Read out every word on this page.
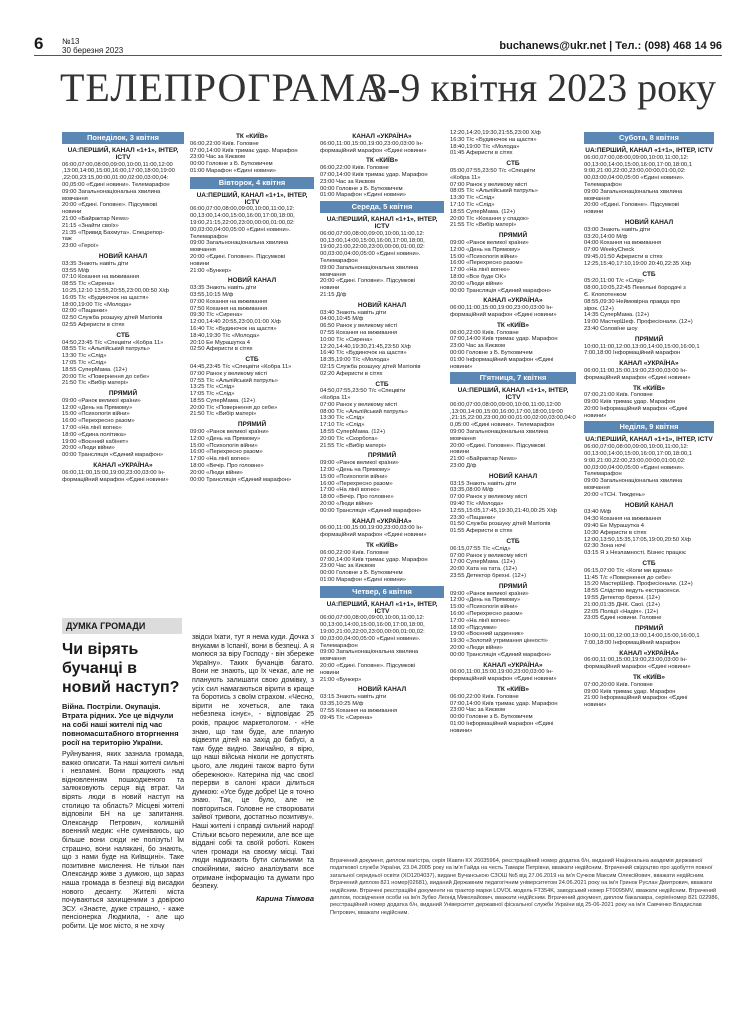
6 №13
30 березня 2023	buchanews@ukr.net | Тел.: (098) 468 14 96
ТЕЛЕПРОГРАМА
3-9 квітня 2023 року
Понеділок, 3 квітня
UA:ПЕРШИЙ, КАНАЛ «1+1», ІНТЕР, ICTV
06:00,07:00,08:00,09:00,10:00,11:00,12:00
,13:00,14:00,15:00,16:00,17:00,18:00,19:00
,22:00,23:15,00:00,01:00,02:00,03:00,04:
00,05:00 «Єдині новини». Телемарафон
09:00 Загальнонаціональна хвилина
мовчання
20:00 «Єдині. Головне». Підсумкові
новини
21:00 «Байрактар News»
21:15 «Знайти своїх»
21:35 «Привид Бахмута». Спецрепор-
таж
23:00 «Герої»
НОВИЙ КАНАЛ
03:35 Знають навіть діти
03:55 М/ф
07:10 Кохання на виживання
08:55 Т/с «Сирена»
10:25,12:10 13:55,20:55,23:00,00:50 Х/ф
16:05 Т/с «Будиночок на щастя»
18:00,19:00 Т/с «Молода»
02:00 «Пацанки»
02:50 Служба розшуку дітей Матіолів
02:55 Аферисти в сітях
СТБ
04:50,23:45 Т/с «Спецвіти «Кобра 11»
08:55 Т/с «Альпійський патруль»
13:30 Т/с «Слід»
17:05 Т/с «Слід»
18:55 СуперМама. (12+)
20:00 Т/с «Повернення до себе»
21:50 Т/с «Вибір матері»
ПРЯМИЙ
09:00 «Ранок великої країни»
12:00 «День на Прямому»
15:00 «Психологія війни»
16:00 «Перехресно разом»
17:00 «На лінії вогню»
18:00 «Єдина політика»
19:00 «Воєнний кабінет»
20:00 «Люди війни»
00:00 Трансляція «Єдиний марафон»
КАНАЛ «УКРАЇНА»
06:00,11:00,15:00,19:00,23:00,03:00 Ін-
формаційний марафон «Єдині новини»
ТК «КИЇВ»
06:00,22:00 Київ. Головне
07:00,14:00 Київ тримає удар. Марафон
23:00 Час за Києвом
00:00 Головне з Б. Бутковичем
01:00 Марафон «Єдині новини»
Вівторок, 4 квітня
UA:ПЕРШИЙ, КАНАЛ «1+1», ІНТЕР, ICTV
06:00,07:00,08:00,09:00,10:00,11:00,12:
00,13:00,14:00,15:00,16:00,17:00,18:00,
19:00,21:15,22:00,23:00,00:00,01:00,02:
00,03:00,04:00,05:00 «Єдині новини».
Телемарафон
09:00 Загальнонаціональна хвилина
мовчання
20:00 «Єдині. Головне». Підсумкові
новини
21:00 «Бункер»
НОВИЙ КАНАЛ
03:35 Знають навіть діти
03:55,10:15 М/ф
07:00 Кохання на виживання
07:50 Кохання на виживання
09:30 Т/с «Сирена»
12:00,14:40 20:55,23:00,01:00 Х/ф
16:40 Т/с «Будиночок на щастя»
18:40,19:30 Т/с «Молода»
20:10 Ее Мурашутка 4
02:50 Аферисти в сітях
СТБ
04:45,23:45 Т/с «Спецвіти «Кобра 11»
07:00 Ранок у великому місті
07:55 Т/с «Альпійський патруль»
13:25 Т/с «Слід»
17:05 Т/с «Слід»
18:55 СуперМама. (12+)
20:00 Т/с «Повернення до себе»
21:50 Т/с «Вибір матері»
ПРЯМИЙ
09:00 «Ранок великої країни»
12:00 «День на Прямому»
15:00 «Психологія війни»
16:00 «Перехресно разом»
17:00 «На лінії вогню»
18:00 «Вечір. Про головне»
20:00 «Люди війни»
00:00 Трансляція «Єдиний марафон»
КАНАЛ «УКРАЇНА»
06:00,11:00,15:00,19:00,23:00,03:00 Ін-
формаційний марафон «Єдині новини»
ТК «КИЇВ»
06:00,22:00 Київ. Головне
07:00,14:00 Київ тримає удар. Марафон
23:00 Час за Києвом
00:00 Головне з Б. Бутковичем
01:00 Марафон «Єдині новини»
Середа, 5 квітня
UA:ПЕРШИЙ, КАНАЛ «1+1», ІНТЕР, ICTV
06:00,07:00,08:00,09:00,10:00,11:00,12:
00,13:00,14:00,15:00,16:00,17:00,18:00,
19:00,21:00,22:00,23:00,00:00,01:00,02:
00,03:00,04:00,05:00 «Єдині новини».
Телемарафон
09:00 Загальнонаціональна хвилина
мовчання
20:00 «Єдині. Головне». Підсумкові
новини
21:15 Д/ф
НОВИЙ КАНАЛ
03:40 Знають навіть діти
04:00,10:45 М/ф
06:50 Ранок у великому місті
07:55 Кохання на виживання
10:00 Т/с «Сирена»
12:20,14:40,19:30,21:45,23:50 Х/ф
16:40 Т/с «Будиночок на щастя»
18:35,19:00 Т/с «Молода»
02:15 Служба розшуку дітей Матіолів
02:20 Аферисти в сітях
СТБ
04:50,07:55,23:50 Т/с «Спецвіти
«Кобра 11»
07:00 Ранок у великому місті
08:00 Т/с «Альпійський патруль»
13:30 Т/с «Слід»
17:10 Т/с «Слід»
18:55 СуперМама. (12+)
20:00 Т/с «Скорбота»
21:55 Т/с «Вибір матері»
ПРЯМИЙ
09:00 «Ранок великої країни»
12:00 «День на Прямому»
15:00 «Психологія війни»
16:00 «Перехресно разом»
17:00 «На лінії вогню»
18:00 «Вечір. Про головне»
20:00 «Люди війни»
00:00 Трансляція «Єдиний марафон»
КАНАЛ «УКРАЇНА»
06:00,11:00,15:00,19:00,23:00,03:00 Ін-
формаційний марафон «Єдині новини»
ТК «КИЇВ»
06:00,22:00 Київ. Головне
07:00,14:00 Київ тримає удар. Марафон
23:00 Час за Києвом
00:00 Головне з Б. Бутковичем
01:00 Марафон «Єдині новини»
Четвер, 6 квітня
UA:ПЕРШИЙ, КАНАЛ «1+1», ІНТЕР, ICTV
06:00,07:00,08:00,09:00,10:00,11:00,12:
00,13:00,14:00,15:00,16:00,17:00,18:00,
19:00,21:00,22:00,23:00,00:00,01:00,02:
00,03:00,04:00,05:00 «Єдині новини».
Телемарафон
09:00 Загальнонаціональна хвилина
мовчання
20:00 «Єдині. Головне». Підсумкові
новини
21:00 «Бункер»
НОВИЙ КАНАЛ
03:15 Знають навіть діти
03:35,10:25 М/ф
07:55 Кохання на виживання
09:45 Т/с «Сирена»
12:20,14:20,19:30,21:55,23:00 Х/ф
16:30 Т/с «Будиночок на щастя»
18:40,19:00 Т/с «Молода»
01:45 Аферисти в сітях
СТБ
05:00,07:55,23:50 Т/с «Спецвіти
«Кобра 11»
07:00 Ранок у великому місті
08:05 Т/с «Альпійський патруль»
13:30 Т/с «Слід»
17:10 Т/с «Слід»
18:55 СуперМама. (12+)
20:00 Т/с «Кохання у спадок»
21:55 Т/с «Вибір матері»
ПРЯМИЙ
09:00 «Ранок великої країни»
12:00 «День на Прямому»
15:00 «Психологія війни»
16:00 «Перехресно разом»
17:00 «На лінії вогню»
18:00 «Все буде ОК»
20:00 «Люди війни»
00:00 Трансляція «Єдиний марафон»
КАНАЛ «УКРАЇНА»
06:00,11:00,15:00,19:00,23:00,03:00 Ін-
формаційний марафон «Єдині новини»
ТК «КИЇВ»
06:00,22:00 Київ. Головне
07:00,14:00 Київ тримає удар. Марафон
23:00 Час за Києвом
00:00 Головне з Б. Бутковичем
01:00 Інформаційний марафон «Єдині
новини»
П'ятниця, 7 квітня
UA:ПЕРШИЙ, КАНАЛ «1+1», ІНТЕР, ICTV
06:00,07:00,08:00,09:00,10:00,11:00,12:00
,13:00,14:00,15:00,16:00,17:00,18:00,19:00
,21:15,22:00,23:00,00:00,01:00,02:00,03:00,04:0
0,05:00 «Єдині новини». Телемарафон
09:00 Загальнонаціональна хвилина
мовчання
20:00 «Єдині. Головне». Підсумкові
новини
21:00 «Байрактар News»
23:00 Д/ф
НОВИЙ КАНАЛ
03:15 Знають навіть діти
03:35,08:00 М/ф
07:00 Ранок у великому місті
09:40 Т/с «Молода»
12:55,15:05,17:45,19:30,21:40,00:25 Х/ф
23:30 «Пацанки»
01:50 Служба розшуку дітей Матіолів
01:55 Аферисти в сітях
СТБ
06:15,07:55 Т/с «Слід»
07:00 Ранок у великому місті
17:00 СуперМама. (12+)
20:00 Хата на тата. (12+)
23:55 Детектор брехні. (12+)
ПРЯМИЙ
09:00 «Ранок великої країни»
12:00 «День на Прямому»
15:00 «Психологія війни»
16:00 «Перехресно разом»
17:00 «На лінії вогню»
18:00 «Підсумки»
19:00 «Воєнний щоденник»
19:30 «Золотий утримання цінності»
20:00 «Люди війни»
00:00 Трансляція «Єдиний марафон»
КАНАЛ «УКРАЇНА»
06:00,11:00,15:00,19:00,23:00,03:00 Ін-
формаційний марафон «Єдині новини»
ТК «КИЇВ»
06:00,22:00 Київ. Головне
07:00,14:00 Київ тримає удар. Марафон
23:00 Час за Києвом
00:00 Головне з Б. Бутковичем
01:00 Інформаційний марафон «Єдині
новини»
Субота, 8 квітня
UA:ПЕРШИЙ, КАНАЛ «1+1», ІНТЕР, ICTV
06:00,07:00,08:00,09:00,10:00,11:00,12:
00,13:00,14:00,15:00,16:00,17:00,18:00,1
9:00,21:00,22:00,23:00,00:00,01:00,02:
00,03:00,04:00,05:00 «Єдині новини».
Телемарафон
09:00 Загальнонаціональна хвилина
мовчання
20:00 «Єдині. Головне». Підсумкові
новини
НОВИЙ КАНАЛ
03:00 Знають навіть діти
03:20,14:00 М/ф
04:00 Кохання на виживання
07:00 WeekyCheck
09:45,01:50 Аферисти в сітях
12:25,15:40,17:10,19:00 20:40,22:35 Х/ф
СТБ
05:20,11:00 Т/с «Слід»
08:00,10:05,22:45 Пекельні бородачі з
Є. Клопотенком
08:55,09:30 Неймовірна правда про
зірок. (12+)
14:35 СуперМама. (12+)
19:00 МастерШеф. Професіонали. (12+)
23:40 Соловїне шоу
ПРЯМИЙ
10:00,11:00,12:00,13:00,14:00,15:00,16:00,1
7:00,18:00 Інформаційний марафон
КАНАЛ «УКРАЇНА»
06:00,11:00,15:00,19:00,23:00,03:00 Ін-
формаційний марафон «Єдині новини»
ТК «КИЇВ»
07:00,21:00 Київ. Головне
09:00 Київ тримає удар. Марафон
20:00 Інформаційний марафон «Єдині
новини»
Неділя, 9 квітня
UA:ПЕРШИЙ, КАНАЛ «1+1», ІНТЕР, ICTV
06:00,07:00,08:00,09:00,10:00,11:00,12:
00,13:00,14:00,15:00,16:00,17:00,18:00,1
9:00,21:00,22:00,23:00,00:00,01:00,02:
00,03:00,04:00,05:00 «Єдині новини».
Телемарафон
09:00 Загальнонаціональна хвилина
мовчання
20:00 «ТСН. Тиждень»
НОВИЙ КАНАЛ
03:40 М/ф
04:30 Кохання на виживання
09:40 Ее Мурашутка 4
10:30 Аферисти в сітях
12:00,13:50,15:35,17:05,19:00,20:50 Х/ф
02:30 Зона ночі
03:15 Я з Незламності. Бізнес працює
СТБ
06:15,07:00 Т/с «Коли ми вдома»
11:45 Т/с «Повернення до себе»
15:20 МастерШеф. Професіонали. (12+)
18:55 Слідство ведуть екстрасенси.
19:55 Детектор брехні. (12+)
21:00,01:35 ДНК. Свої. (12+)
22:05 Поліції «Надія». (12+)
23:05 Єдині новини. Головне
ПРЯМИЙ
10:00,11:00,12:00,13:00,14:00,15:00,16:00,1
7:00,18:00 Інформаційний марафон
КАНАЛ «УКРАЇНА»
06:00,11:00,15:00,19:00,23:00,03:00 Ін-
формаційний марафон «Єдині новини»
ТК «КИЇВ»
07:00,20:00 Київ. Головне
09:00 Київ тримає удар. Марафон
21:00 Інформаційний марафон «Єдині
новини»
ДУМКА ГРОМАДИ
Чи вірять бучанці в новий наступ?
Війна. Постріли. Окупація. Втрата рідних. Усе це відчули на собі наші жителі під час повномасштабного вторгнення росії на територію України.
Руйнування, яких зазнала громада, важко описати. Та наші жителі сильні і незламні. Вони працюють над відновленням пошкодженого та залюковують серця від втрат. Чи вірять люди в новий наступ на столицю та область? Місцеві жителі відповіли БН на це запитання. Олександр Петрович, колишній военний медик: «Не сумніваюсь, що більше вони сюди не полізуть! Їм страшно, вони налякані, бо знають, що з нами буде на Київщині». Таке позитивне мислення. Не тільки пан Олександр живе з думкою, що зараз наша громада в безпеці від висадки нового десанту. Жителі міста почуваються захищеними з довірою ЗСУ. «Знаєте, дуже страшно, - каже пенсіонерка Людмила, - але що робити. Це моє місто, я не хочу
звідси їхати, тут я нема куди. Дочка з внуками в Іспанії, вони в безпеці. А я молюся за віру Господу - він збереже Україну». Таких бучанців багато. Вони не знають, що їх чекає, але не планують залишати свою домівку, з усіх сил намагаються вірити в краще та боротись з своїм страхом. «Чесно, вірити не хочеться, але така небезпека існує», - відповідає 25 років, працює маркетологом. - «Не знаю, що там буде, але планую відвезти дітей на захід до бабусі, а там буде видно. Звичайно, я вірю, що наші війська ніколи не допустять цього, але людині також варто бути обережною». Катерина під час своєї перерви в салоні краси ділиться думкою: «Усе буде добре! Це я точно знаю. Так, це було, але не повториться. Головне не створювати зайвої тривоги, достатньо позитиву». Наші жителі і справді сильний народ! Стільки всього пережили, але все ще віддані собі та своїй роботі. Кожен член громади на своєму місці. Такі люди надихають бути сильними та спокійними, якісно аналізувати все отримане інформацію та думати про безпеку.
Карина Тімкова
Втрачений документ, диплом магістра, серія ІКавпн КХ 26035964, реєстраційний номер додатка б/н, виданий Національна академія державної податкової служби України, 23.04.2005 року на ім'я Гайда на честь Тамари Петрівни, вважати недійсним. Втрачений свідоцтво про здобуття повної загальної середньої освіти (ХО1204037), видане Бучанською СЗОШ №5 від 27.06.2019 на ім'я Сучков Максим Олексійович, вважати недійсним. Втрачений диплом 821 номер(02681), виданий Державним педагогічним університетом 24.06.2021 року на ім'я Гринок Руслан Дмитрович, вважати недійсним. Втрачені реєстраційні документи на трактор марки LOVOL модель FT354K, заводський номер FT0095MV, вважати недійсним. Втрачений диплом, посвідчення особи на ім'я Зубко Леонід Миколайович, вважати недійсним. Втрачений документ, диплом бакалавра, серія/номер 821 022986, реєстраційний номер додатка б/н, виданий Університет державної фіскальної служби України від 25-06-2021 року на ім'я Савченко Владислав Петрович, вважати недійсним.
